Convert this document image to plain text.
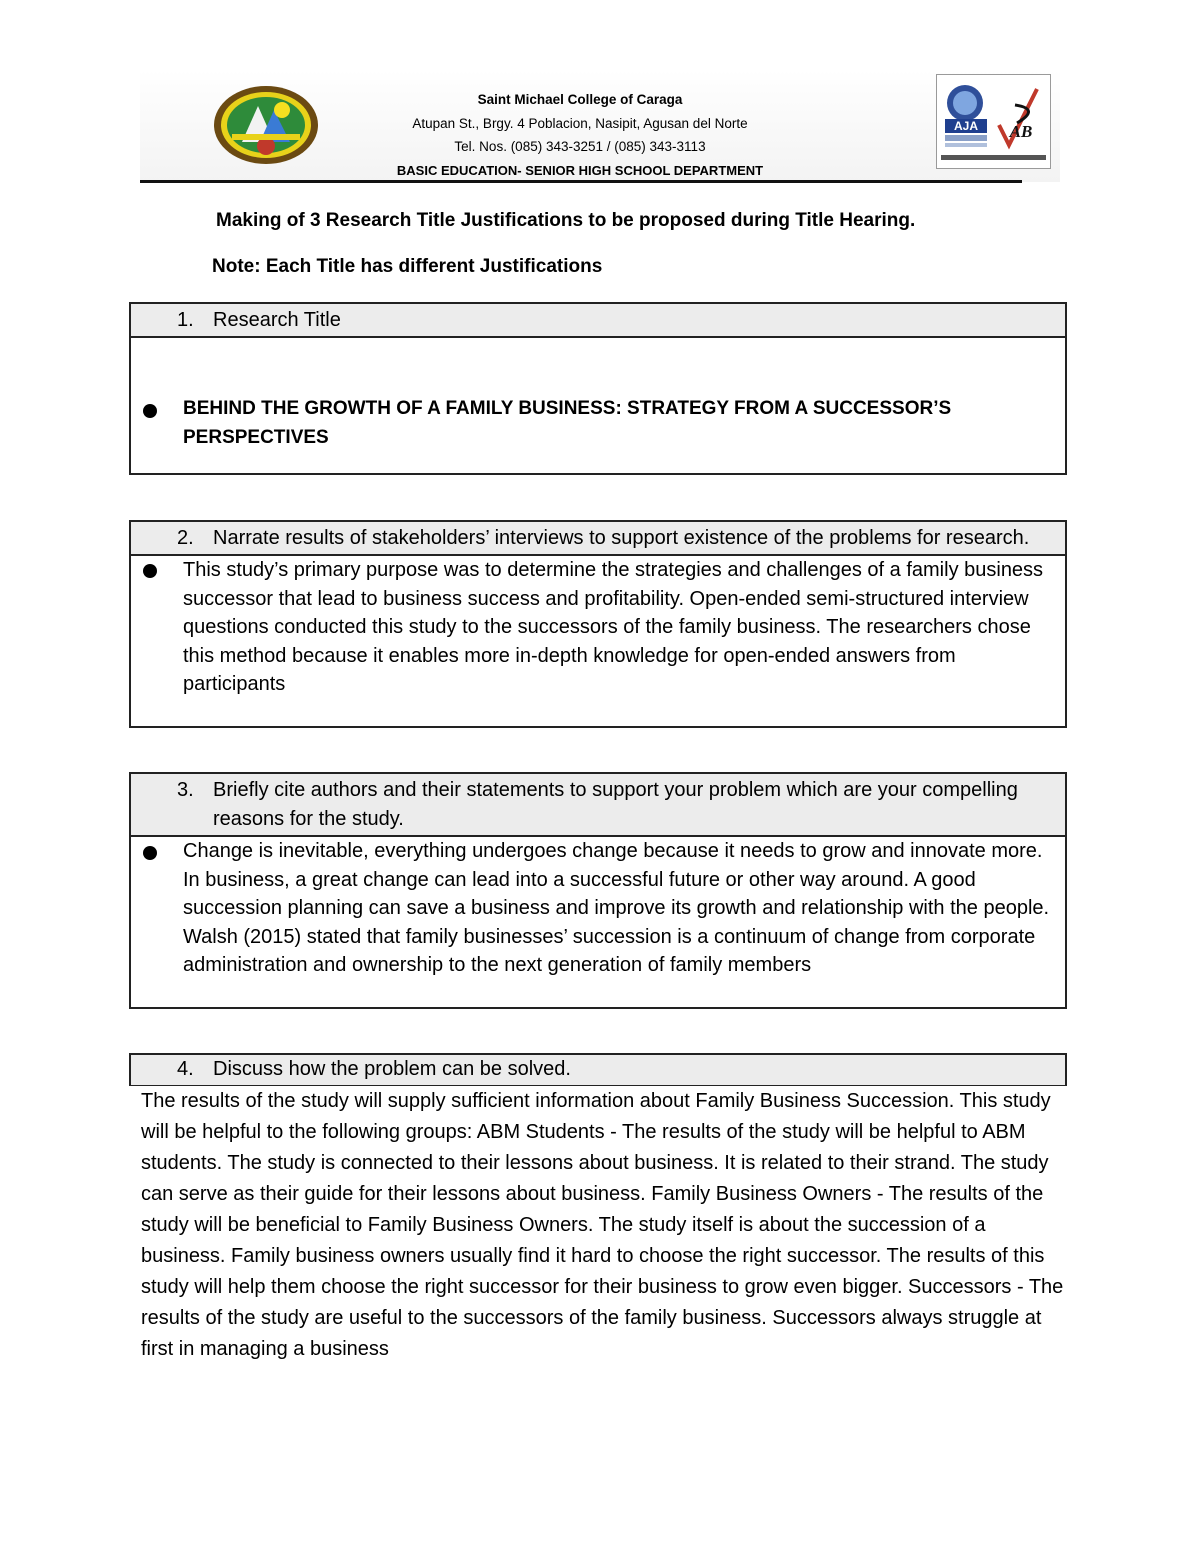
Saint Michael College of Caraga
Atupan St., Brgy. 4 Poblacion, Nasipit, Agusan del Norte
Tel. Nos. (085) 343-3251 / (085) 343-3113
BASIC EDUCATION- SENIOR HIGH SCHOOL DEPARTMENT
AJA AB
Making of 3 Research Title Justifications to be proposed during Title Hearing.
Note: Each Title has different Justifications
1. Research Title
BEHIND THE GROWTH OF A FAMILY BUSINESS: STRATEGY FROM A SUCCESSOR’S PERSPECTIVES
2. Narrate results of stakeholders’ interviews to support existence of the problems for research.
This study’s primary purpose was to determine the strategies and challenges of a family business successor that lead to business success and profitability. Open-ended semi-structured interview questions conducted this study to the successors of the family business. The researchers chose this method because it enables more in-depth knowledge for open-ended answers from participants
3. Briefly cite authors and their statements to support your problem which are your compelling reasons for the study.
Change is inevitable, everything undergoes change because it needs to grow and innovate more. In business, a great change can lead into a successful future or other way around. A good succession planning can save a business and improve its growth and relationship with the people. Walsh (2015) stated that family businesses’ succession is a continuum of change from corporate administration and ownership to the next generation of family members
4. Discuss how the problem can be solved.
The results of the study will supply sufficient information about Family Business Succession. This study will be helpful to the following groups: ABM Students - The results of the study will be helpful to ABM students. The study is connected to their lessons about business. It is related to their strand. The study can serve as their guide for their lessons about business. Family Business Owners - The results of the study will be beneficial to Family Business Owners. The study itself is about the succession of a business. Family business owners usually find it hard to choose the right successor. The results of this study will help them choose the right successor for their business to grow even bigger. Successors - The results of the study are useful to the successors of the family business. Successors always struggle at first in managing a business
